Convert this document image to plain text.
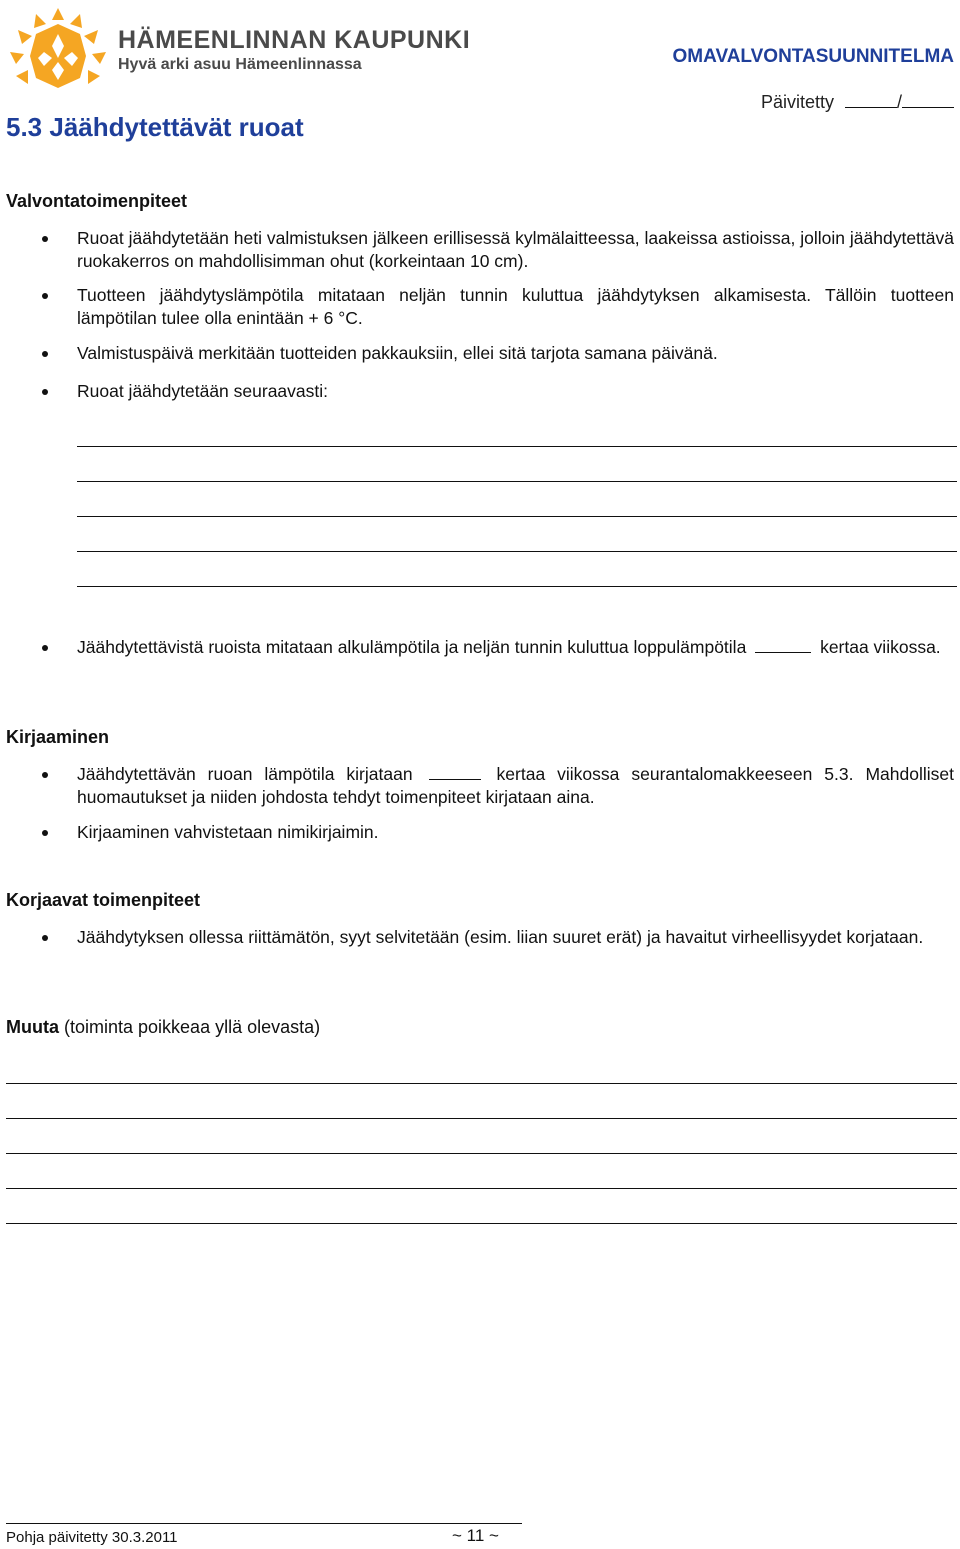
HÄMEENLINNAN KAUPUNKI
Hyvä arki asuu Hämeenlinnassa	OMAVALVONTASUUNNITELMA
Päivitetty	/
5.3 Jäähdytettävät ruoat
Valvontatoimenpiteet
Ruoat jäähdytetään heti valmistuksen jälkeen erillisessä kylmälaitteessa, laakeissa astioissa, jolloin jäähdytettävä ruokakerros on mahdollisimman ohut (korkeintaan 10 cm).
Tuotteen jäähdytyslämpötila mitataan neljän tunnin kuluttua jäähdytyksen alkamisesta. Tällöin tuotteen lämpötilan tulee olla enintään + 6 °C.
Valmistuspäivä merkitään tuotteiden pakkauksiin, ellei sitä tarjota samana päivänä.
Ruoat jäähdytetään seuraavasti:
Jäähdytettävistä ruoista mitataan alkulämpötila ja neljän tunnin kuluttua loppulämpötila	kertaa viikossa.
Kirjaaminen
Jäähdytettävän ruoan lämpötila kirjataan	kertaa viikossa seurantalomakkeeseen 5.3. Mahdolliset huomautukset ja niiden johdosta tehdyt toimenpiteet kirjataan aina.
Kirjaaminen vahvistetaan nimikirjaimin.
Korjaavat toimenpiteet
Jäähdytyksen ollessa riittämätön, syyt selvitetään (esim. liian suuret erät) ja havaitut virheellisyydet korjataan.
Muuta (toiminta poikkeaa yllä olevasta)
Pohja päivitetty 30.3.2011	~ 11 ~
